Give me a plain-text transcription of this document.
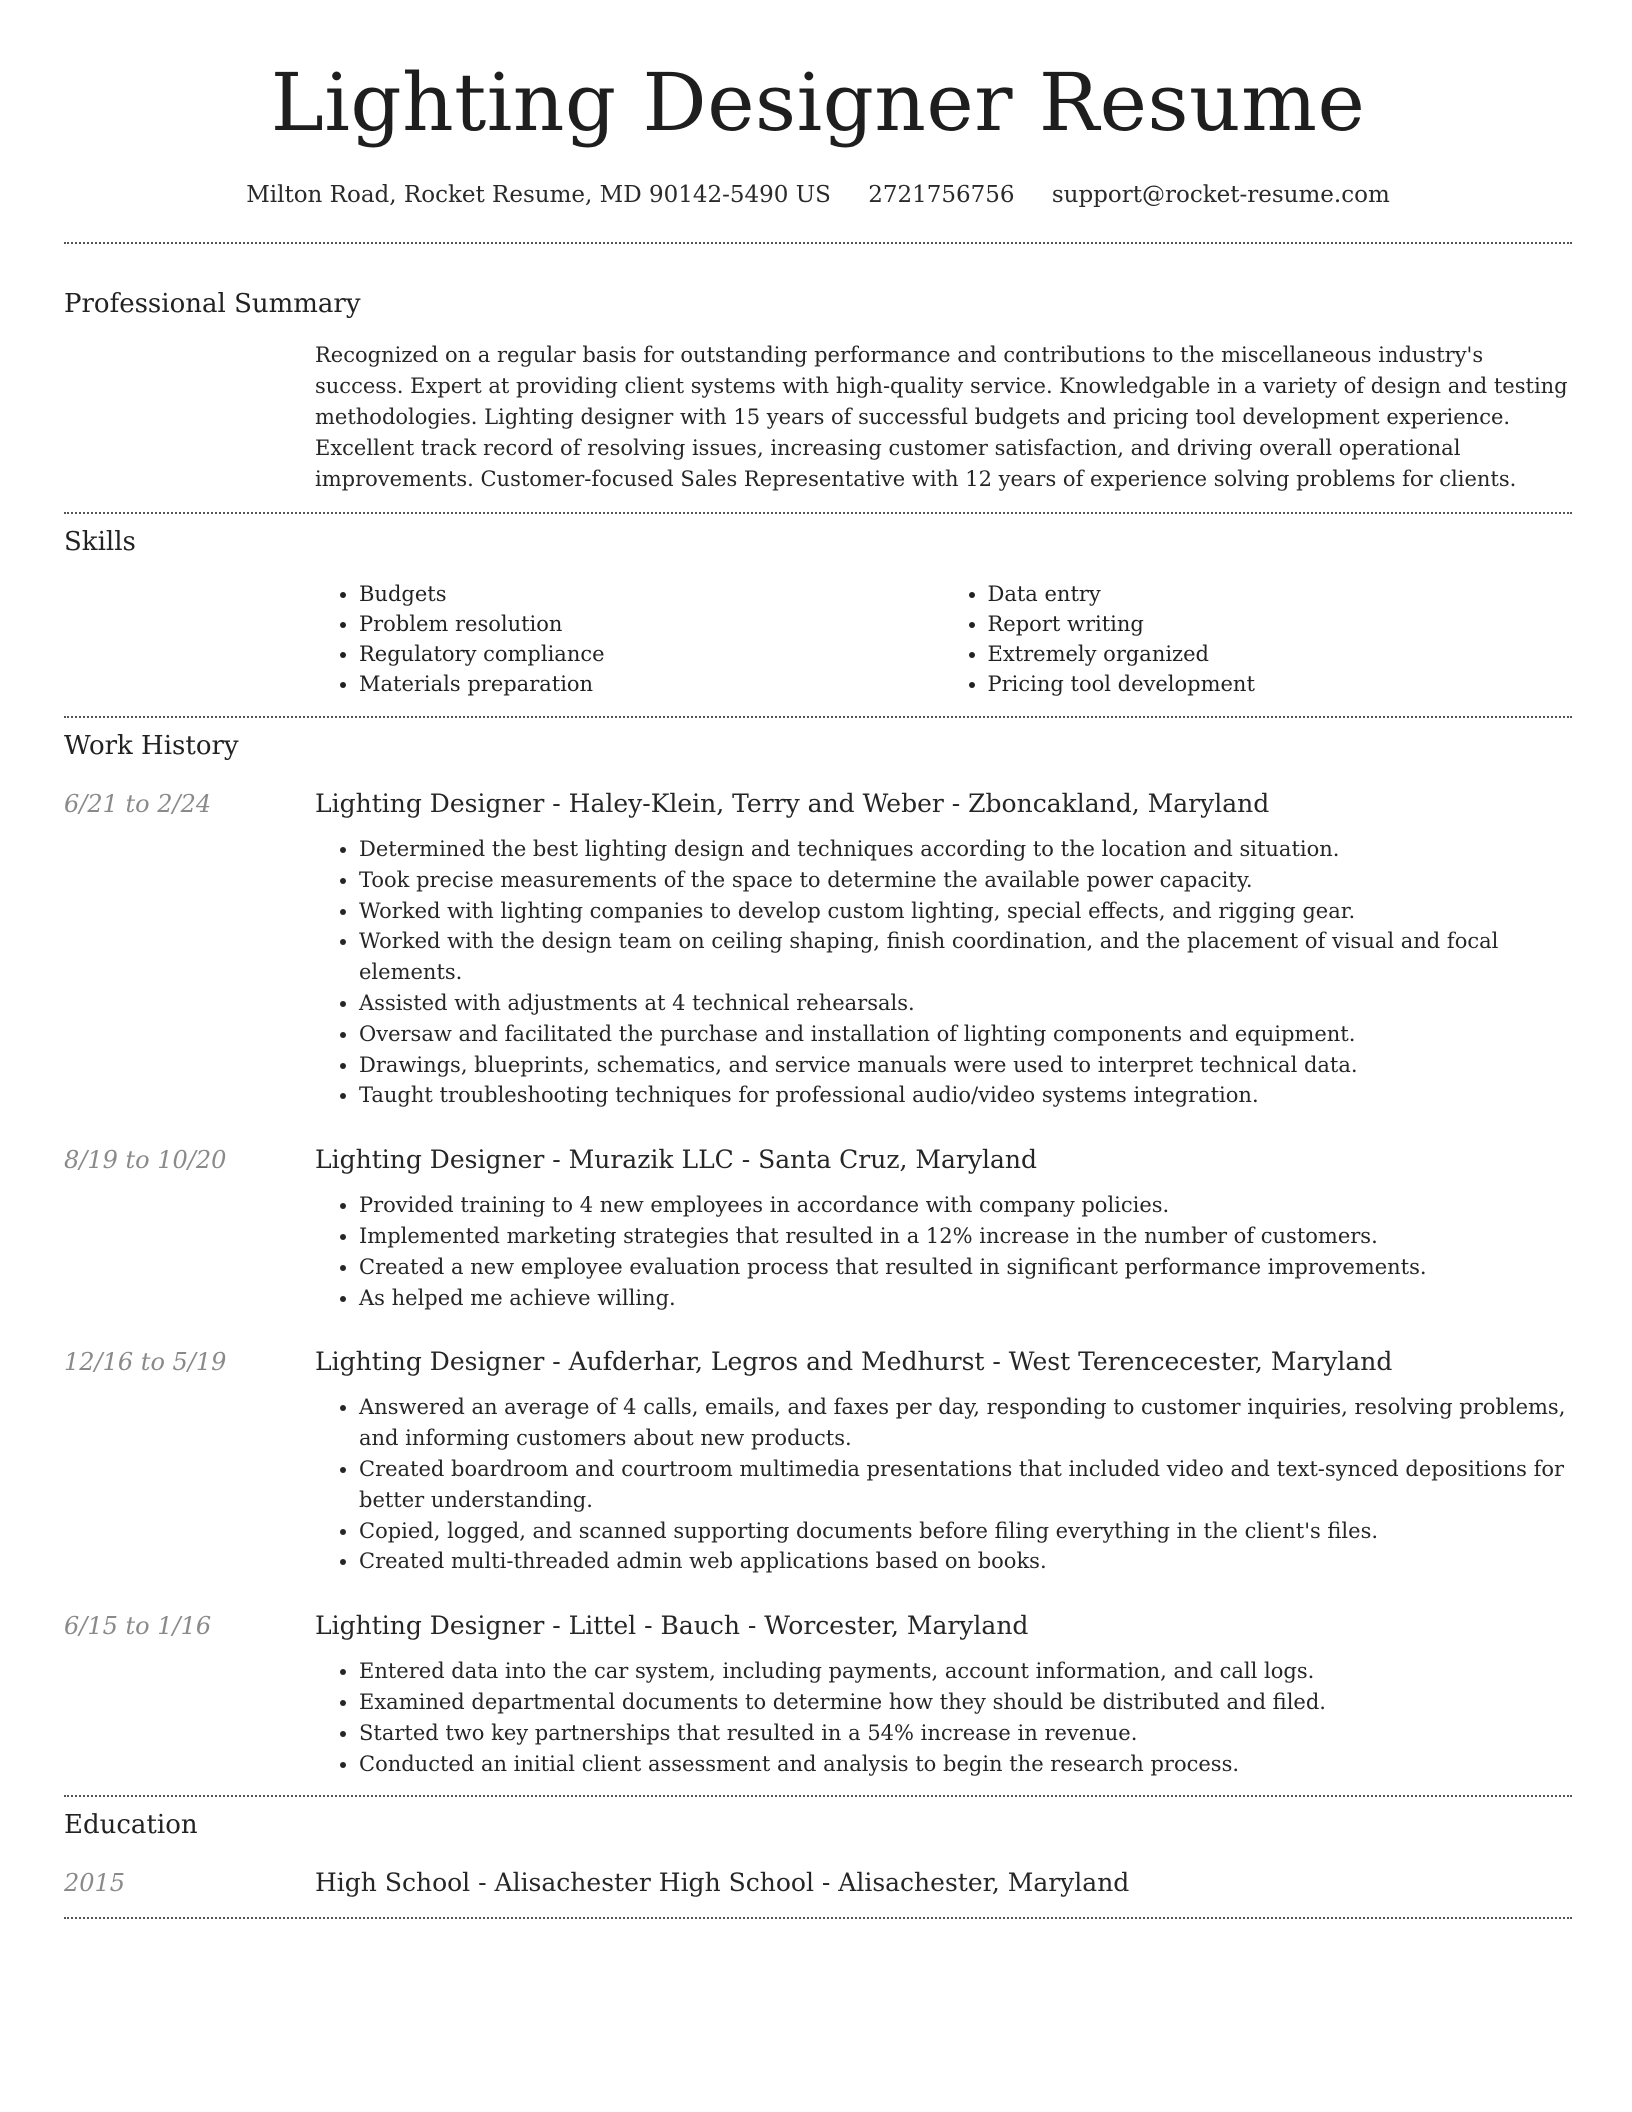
Lighting Designer Resume
Milton Road, Rocket Resume, MD 90142-5490 US 2721756756 support@rocket-resume.com
Professional Summary
Recognized on a regular basis for outstanding performance and contributions to the miscellaneous industry's success. Expert at providing client systems with high-quality service. Knowledgable in a variety of design and testing methodologies. Lighting designer with 15 years of successful budgets and pricing tool development experience. Excellent track record of resolving issues, increasing customer satisfaction, and driving overall operational improvements. Customer-focused Sales Representative with 12 years of experience solving problems for clients.
Skills
• Budgets
• Problem resolution
• Regulatory compliance
• Materials preparation
• Data entry
• Report writing
• Extremely organized
• Pricing tool development
Work History
6/21 to 2/24	Lighting Designer - Haley-Klein, Terry and Weber - Zboncakland, Maryland
• Determined the best lighting design and techniques according to the location and situation.
• Took precise measurements of the space to determine the available power capacity.
• Worked with lighting companies to develop custom lighting, special effects, and rigging gear.
• Worked with the design team on ceiling shaping, finish coordination, and the placement of visual and focal elements.
• Assisted with adjustments at 4 technical rehearsals.
• Oversaw and facilitated the purchase and installation of lighting components and equipment.
• Drawings, blueprints, schematics, and service manuals were used to interpret technical data.
• Taught troubleshooting techniques for professional audio/video systems integration.
8/19 to 10/20	Lighting Designer - Murazik LLC - Santa Cruz, Maryland
• Provided training to 4 new employees in accordance with company policies.
• Implemented marketing strategies that resulted in a 12% increase in the number of customers.
• Created a new employee evaluation process that resulted in significant performance improvements.
• As helped me achieve willing.
12/16 to 5/19	Lighting Designer - Aufderhar, Legros and Medhurst - West Terencecester, Maryland
• Answered an average of 4 calls, emails, and faxes per day, responding to customer inquiries, resolving problems, and informing customers about new products.
• Created boardroom and courtroom multimedia presentations that included video and text-synced depositions for better understanding.
• Copied, logged, and scanned supporting documents before filing everything in the client's files.
• Created multi-threaded admin web applications based on books.
6/15 to 1/16	Lighting Designer - Littel - Bauch - Worcester, Maryland
• Entered data into the car system, including payments, account information, and call logs.
• Examined departmental documents to determine how they should be distributed and filed.
• Started two key partnerships that resulted in a 54% increase in revenue.
• Conducted an initial client assessment and analysis to begin the research process.
Education
2015	High School - Alisachester High School - Alisachester, Maryland
